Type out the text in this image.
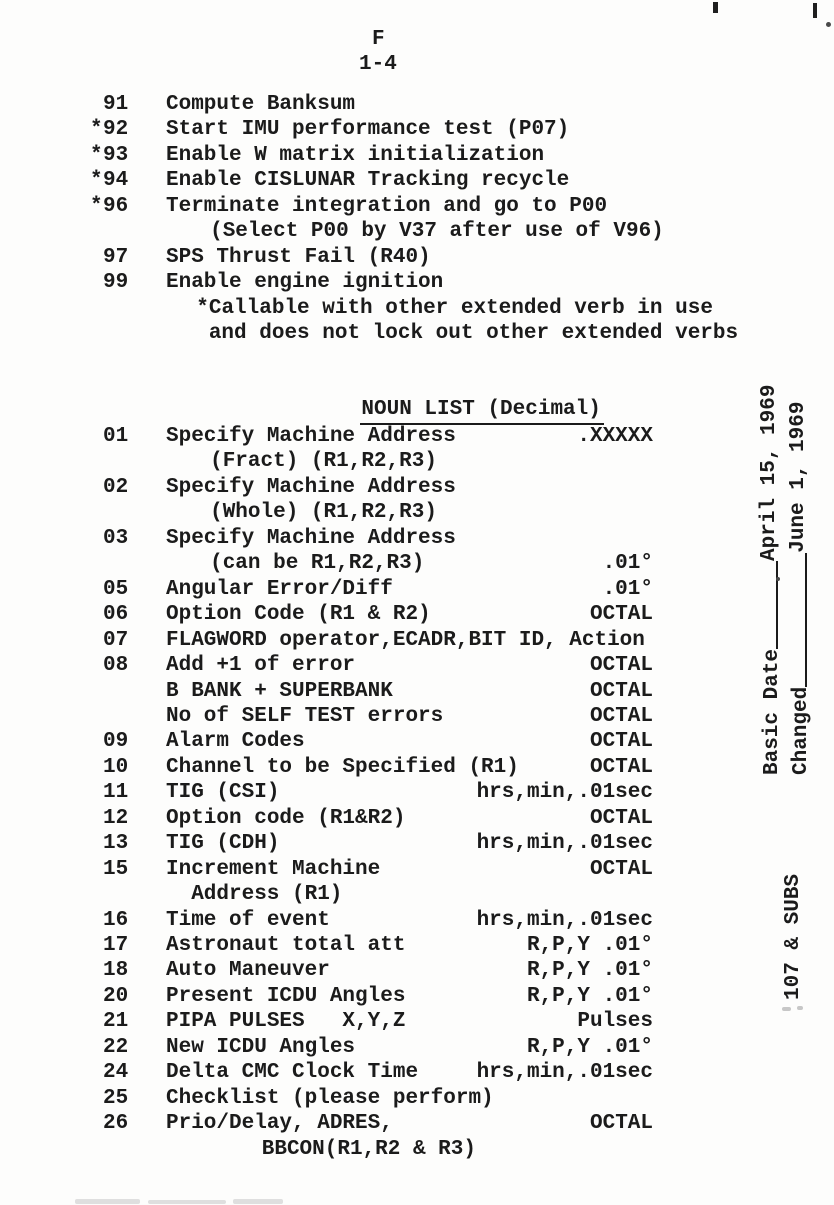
F
1-4
91 Compute Banksum
* 92 Start IMU performance test (P07)
* 93 Enable W matrix initialization
* 94 Enable CISLUNAR Tracking recycle
* 96 Terminate integration and go to P00
(Select P00 by V37 after use of V96)
97 SPS Thrust Fail (R40)
99 Enable engine ignition
*Callable with other extended verb in use
and does not lock out other extended verbs

NOUN LIST (Decimal)

01 Specify Machine Address	.XXXXX
(Fract) (R1,R2,R3)
02 Specify Machine Address
(Whole) (R1,R2,R3)
03 Specify Machine Address
(can be R1,R2,R3)	.01°
05 Angular Error/Diff	.01°
06 Option Code (R1 & R2)	OCTAL
07 FLAGWORD operator,ECADR,BIT ID, Action
08 Add +1 of error	OCTAL
B BANK + SUPERBANK	OCTAL
No of SELF TEST errors	OCTAL
09 Alarm Codes	OCTAL
10 Channel to be Specified (R1)	OCTAL
11 TIG (CSI)	hrs,min,.01sec
12 Option code (R1&R2)	OCTAL
13 TIG (CDH)	hrs,min,.01sec
15 Increment Machine	OCTAL
Address (R1)
16 Time of event	hrs,min,.01sec
17 Astronaut total att	R,P,Y .01°
18 Auto Maneuver	R,P,Y .01°
20 Present ICDU Angles	R,P,Y .01°
21 PIPA PULSES   X,Y,Z	Pulses
22 New ICDU Angles	R,P,Y .01°
24 Delta CMC Clock Time	hrs,min,.01sec
25 Checklist (please perform)
26 Prio/Delay, ADRES,	OCTAL
BBCON(R1,R2 & R3)
Basic DateApril 15, 1969
ChangedJune 1, 1969
107 & SUBS
